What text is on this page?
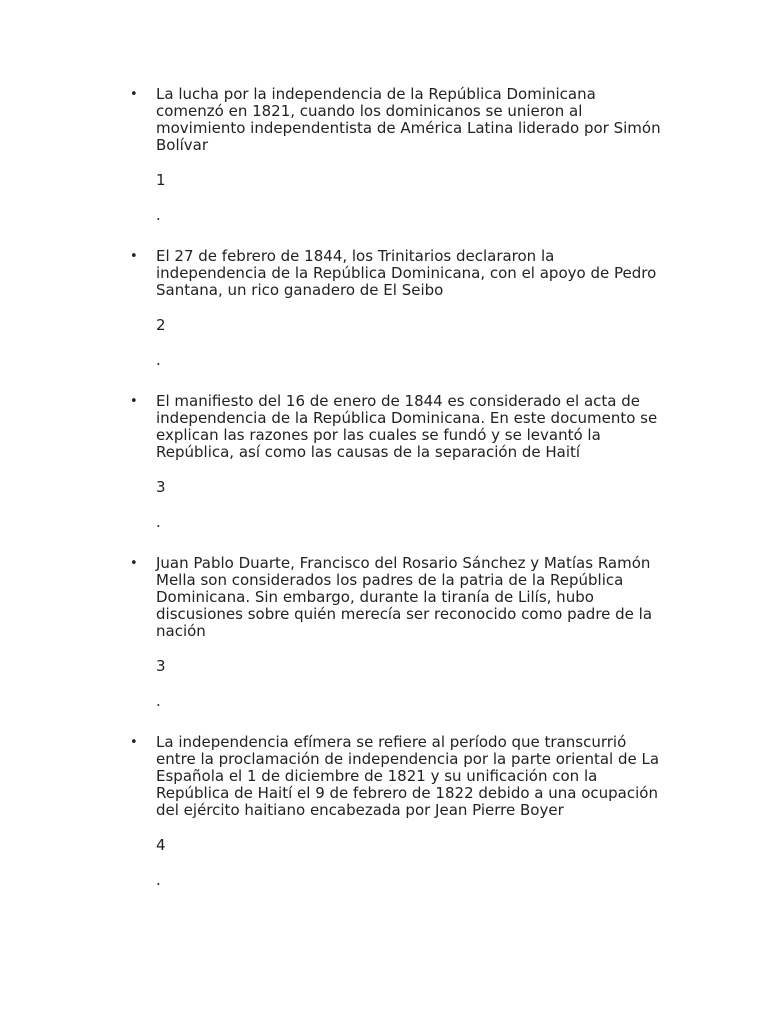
• La lucha por la independencia de la República Dominicana comenzó en 1821, cuando los dominicanos se unieron al movimiento independentista de América Latina liderado por Simón Bolívar

1
.
• El 27 de febrero de 1844, los Trinitarios declararon la independencia de la República Dominicana, con el apoyo de Pedro Santana, un rico ganadero de El Seibo

2
.
• El manifiesto del 16 de enero de 1844 es considerado el acta de independencia de la República Dominicana. En este documento se explican las razones por las cuales se fundó y se levantó la República, así como las causas de la separación de Haití

3
.
• Juan Pablo Duarte, Francisco del Rosario Sánchez y Matías Ramón Mella son considerados los padres de la patria de la República Dominicana. Sin embargo, durante la tiranía de Lilís, hubo discusiones sobre quién merecía ser reconocido como padre de la nación

3
.
• La independencia efímera se refiere al período que transcurrió entre la proclamación de independencia por la parte oriental de La Española el 1 de diciembre de 1821 y su unificación con la República de Haití el 9 de febrero de 1822 debido a una ocupación del ejército haitiano encabezada por Jean Pierre Boyer

4
.
